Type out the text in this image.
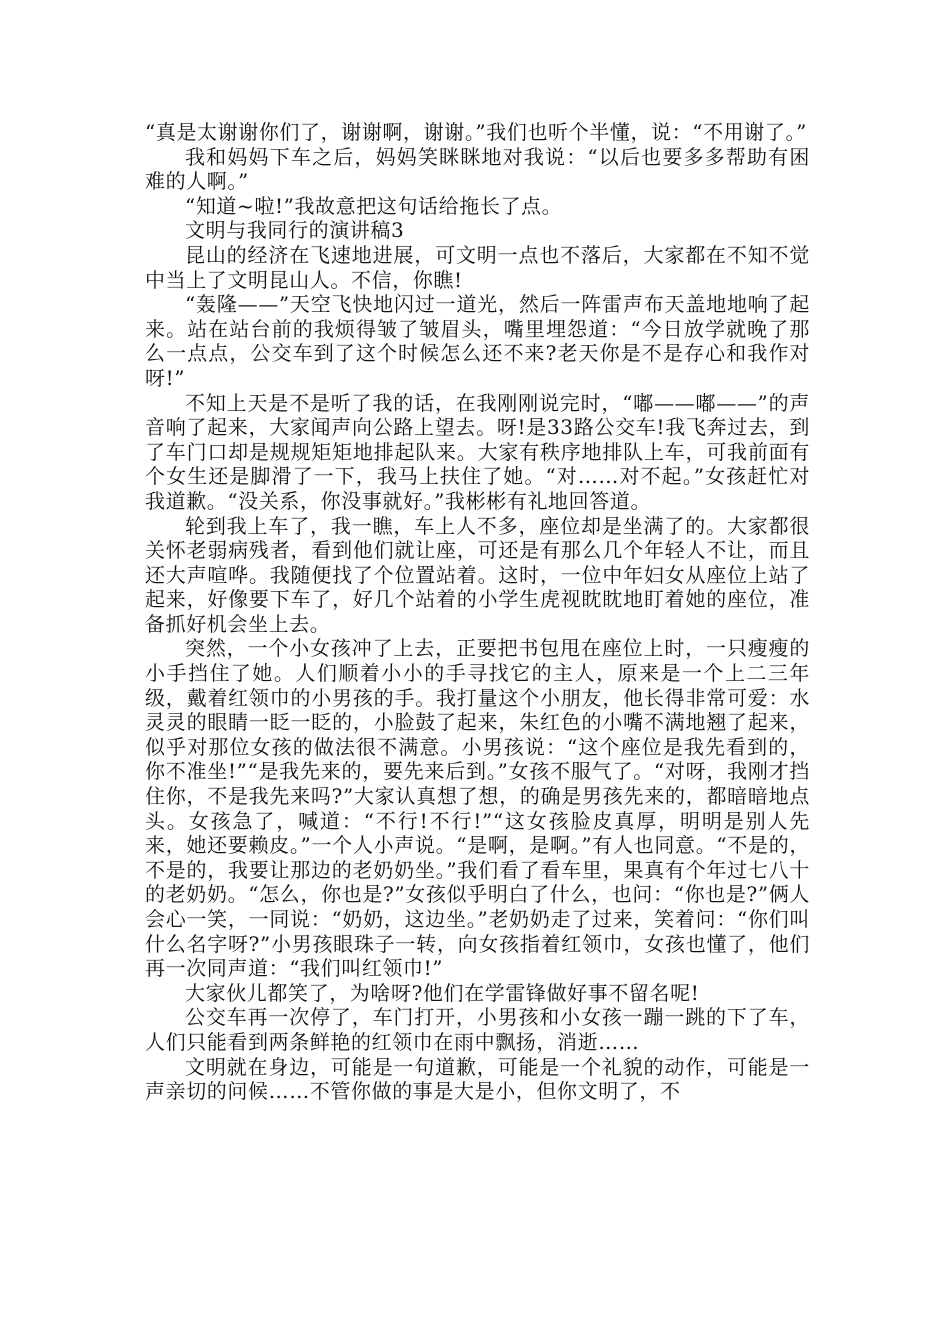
“真是太谢谢你们了，谢谢啊，谢谢。”我们也听个半懂，说：“不用谢了。”

我和妈妈下车之后，妈妈笑眯眯地对我说：“以后也要多多帮助有困难的人啊。”

“知道~啦!”我故意把这句话给拖长了点。

文明与我同行的演讲稿3

昆山的经济在飞速地进展，可文明一点也不落后，大家都在不知不觉中当上了文明昆山人。不信，你瞧!

“轰隆——”天空飞快地闪过一道光，然后一阵雷声布天盖地地响了起来。站在站台前的我烦得皱了皱眉头，嘴里埋怨道：“今日放学就晚了那么一点点，公交车到了这个时候怎么还不来?老天你是不是存心和我作对呀!”

不知上天是不是听了我的话，在我刚刚说完时，“嘟——嘟——”的声音响了起来，大家闻声向公路上望去。呀!是33路公交车!我飞奔过去，到了车门口却是规规矩矩地排起队来。大家有秩序地排队上车，可我前面有个女生还是脚滑了一下，我马上扶住了她。“对……对不起。”女孩赶忙对我道歉。“没关系，你没事就好。”我彬彬有礼地回答道。

轮到我上车了，我一瞧，车上人不多，座位却是坐满了的。大家都很关怀老弱病残者，看到他们就让座，可还是有那么几个年轻人不让，而且还大声喧哗。我随便找了个位置站着。这时，一位中年妇女从座位上站了起来，好像要下车了，好几个站着的小学生虎视眈眈地盯着她的座位，准备抓好机会坐上去。

突然，一个小女孩冲了上去，正要把书包甩在座位上时，一只瘦瘦的小手挡住了她。人们顺着小小的手寻找它的主人，原来是一个上二三年级，戴着红领巾的小男孩的手。我打量这个小朋友，他长得非常可爱：水灵灵的眼睛一眨一眨的，小脸鼓了起来，朱红色的小嘴不满地翘了起来，似乎对那位女孩的做法很不满意。小男孩说：“这个座位是我先看到的，你不准坐!”“是我先来的，要先来后到。”女孩不服气了。“对呀，我刚才挡住你，不是我先来吗?”大家认真想了想，的确是男孩先来的，都暗暗地点头。女孩急了，喊道：“不行!不行!”“这女孩脸皮真厚，明明是别人先来，她还要赖皮。”一个人小声说。“是啊，是啊。”有人也同意。“不是的，不是的，我要让那边的老奶奶坐。”我们看了看车里，果真有个年过七八十的老奶奶。“怎么，你也是?”女孩似乎明白了什么，也问：“你也是?”俩人会心一笑，一同说：“奶奶，这边坐。”老奶奶走了过来，笑着问：“你们叫什么名字呀?”小男孩眼珠子一转，向女孩指着红领巾，女孩也懂了，他们再一次同声道：“我们叫红领巾!”

大家伙儿都笑了，为啥呀?他们在学雷锋做好事不留名呢!

公交车再一次停了，车门打开，小男孩和小女孩一蹦一跳的下了车，人们只能看到两条鲜艳的红领巾在雨中飘扬，消逝……

文明就在身边，可能是一句道歉，可能是一个礼貌的动作，可能是一声亲切的问候……不管你做的事是大是小，但你文明了，不
